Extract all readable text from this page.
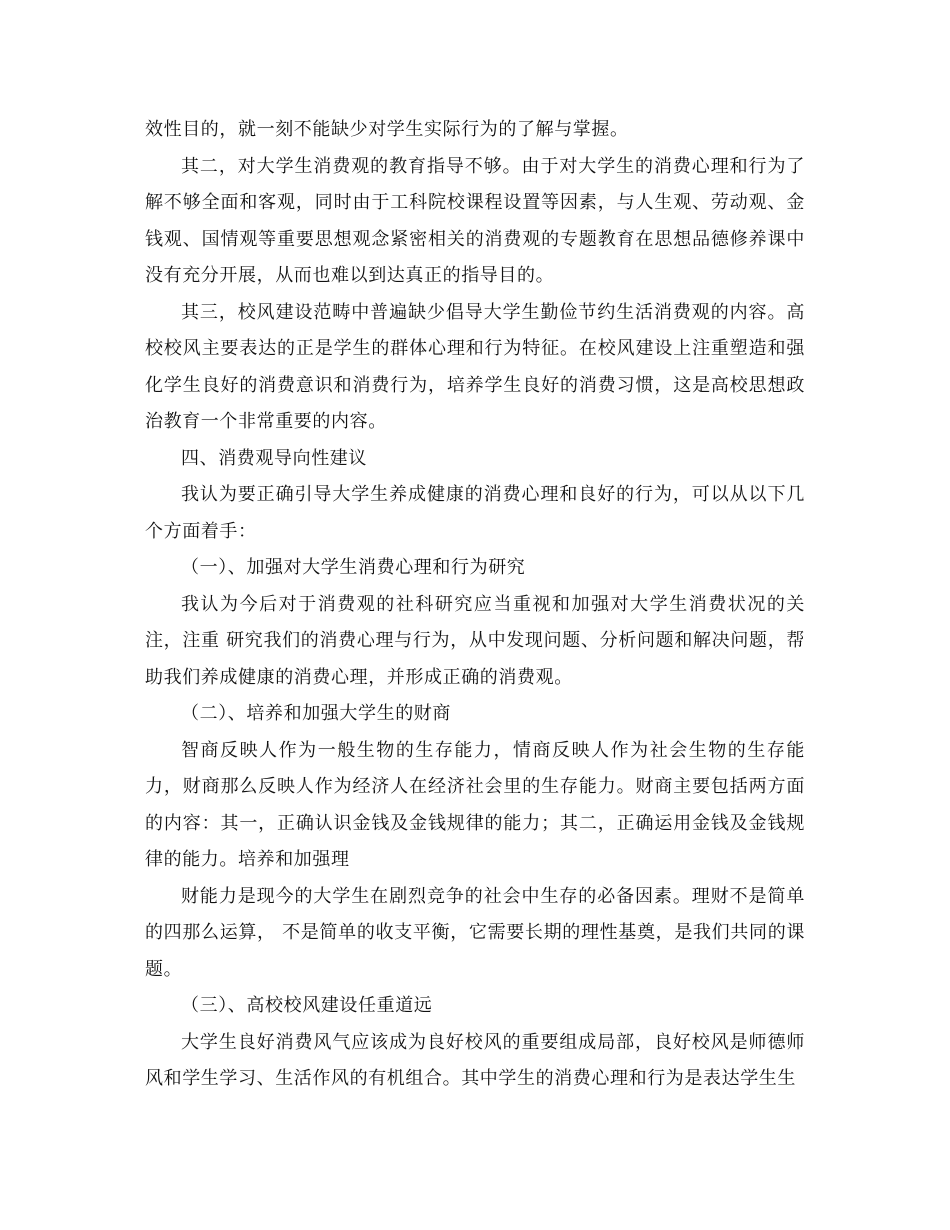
效性目的，就一刻不能缺少对学生实际行为的了解与掌握。

其二，对大学生消费观的教育指导不够。由于对大学生的消费心理和行为了解不够全面和客观，同时由于工科院校课程设置等因素，与人生观、劳动观、金钱观、国情观等重要思想观念紧密相关的消费观的专题教育在思想品德修养课中没有充分开展，从而也难以到达真正的指导目的。

其三，校风建设范畴中普遍缺少倡导大学生勤俭节约生活消费观的内容。高校校风主要表达的正是学生的群体心理和行为特征。在校风建设上注重塑造和强化学生良好的消费意识和消费行为，培养学生良好的消费习惯，这是高校思想政治教育一个非常重要的内容。

四、消费观导向性建议

我认为要正确引导大学生养成健康的消费心理和良好的行为，可以从以下几个方面着手：

（一）、加强对大学生消费心理和行为研究

我认为今后对于消费观的社科研究应当重视和加强对大学生消费状况的关注，注重 研究我们的消费心理与行为，从中发现问题、分析问题和解决问题，帮助我们养成健康的消费心理，并形成正确的消费观。

（二）、培养和加强大学生的财商

智商反映人作为一般生物的生存能力，情商反映人作为社会生物的生存能力，财商那么反映人作为经济人在经济社会里的生存能力。财商主要包括两方面的内容：其一，正确认识金钱及金钱规律的能力；其二，正确运用金钱及金钱规律的能力。培养和加强理

财能力是现今的大学生在剧烈竞争的社会中生存的必备因素。理财不是简单的四那么运算， 不是简单的收支平衡，它需要长期的理性基奠，是我们共同的课题。

（三）、高校校风建设任重道远

大学生良好消费风气应该成为良好校风的重要组成局部，良好校风是师德师风和学生学习、生活作风的有机组合。其中学生的消费心理和行为是表达学生生
